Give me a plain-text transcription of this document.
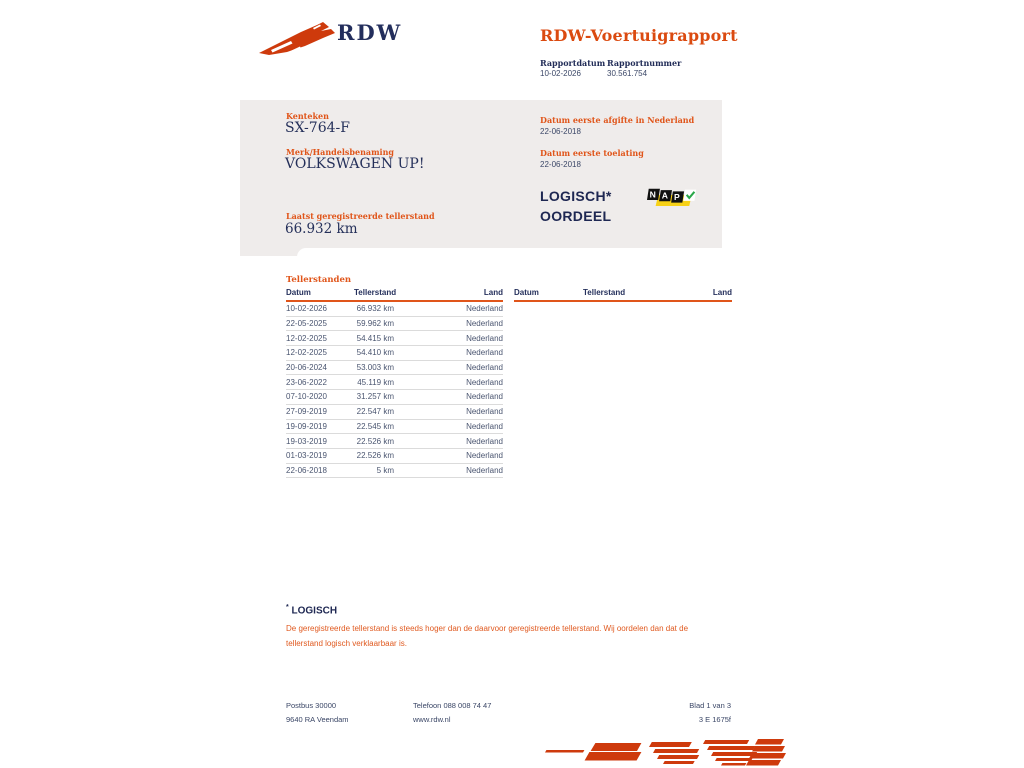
RDW	RDW-Voertuigrapport
Rapportdatum Rapportnummer
10-02-2026	30.561.754
Kenteken
SX-764-F
Merk/Handelsbenaming
VOLKSWAGEN UP!
Laatst geregistreerde tellerstand
66.932 km
Datum eerste afgifte in Nederland
22-06-2018
Datum eerste toelating
22-06-2018
LOGISCH*
OORDEEL
N A P
Tellerstanden
Datum	Tellerstand	Land
10-02-2026	66.932 km	Nederland
22-05-2025	59.962 km	Nederland
12-02-2025	54.415 km	Nederland
12-02-2025	54.410 km	Nederland
20-06-2024	53.003 km	Nederland
23-06-2022	45.119 km	Nederland
07-10-2020	31.257 km	Nederland
27-09-2019	22.547 km	Nederland
19-09-2019	22.545 km	Nederland
19-03-2019	22.526 km	Nederland
01-03-2019	22.526 km	Nederland
22-06-2018	5 km	Nederland
Datum	Tellerstand	Land
* LOGISCH
De geregistreerde tellerstand is steeds hoger dan de daarvoor geregistreerde tellerstand. Wij oordelen dan dat de tellerstand logisch verklaarbaar is.
Postbus 30000
9640 RA Veendam
Telefoon 088 008 74 47
www.rdw.nl
Blad 1 van 3
3 E 1675f
